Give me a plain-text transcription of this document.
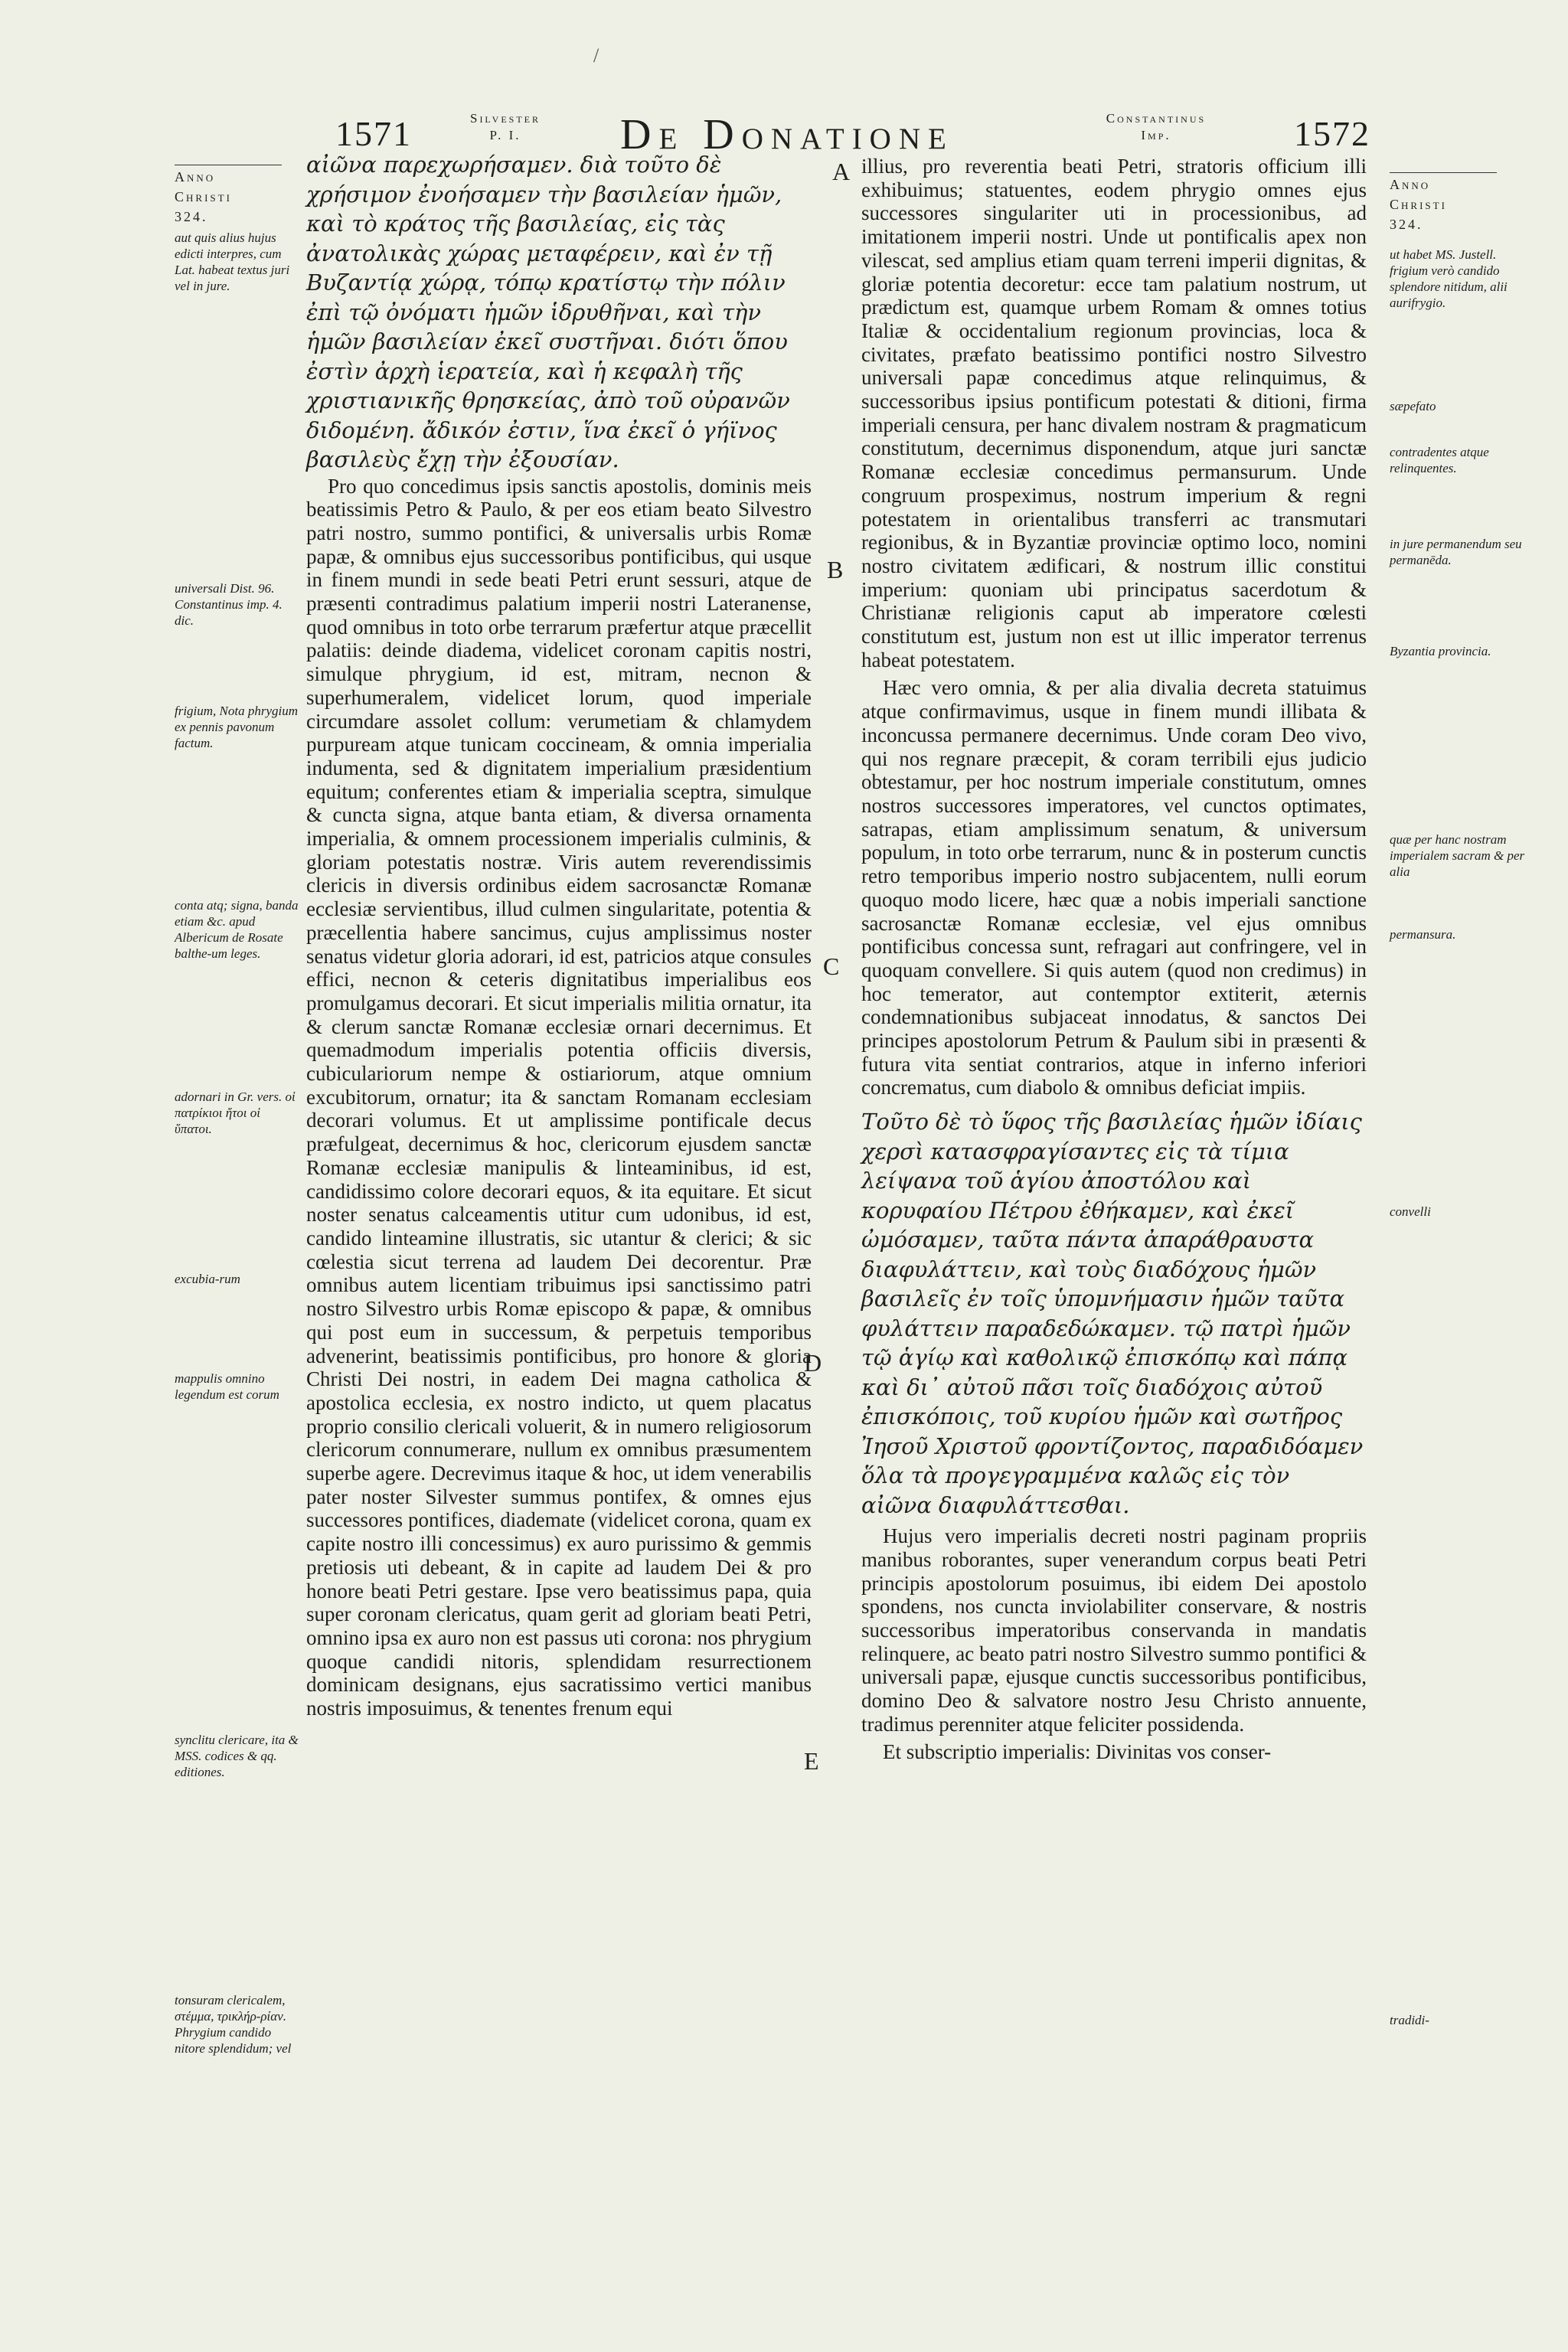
/
1571	Silvester
P. I.	De Donatione	Constantinus
Imp.	1572
Anno
Christi
324.
aut quis alius hujus edicti interpres, cum Lat. habeat textus juri vel in jure.
universali Dist. 96. Constantinus imp. 4. dic.
frigium, Nota phrygium ex pennis pavonum factum.
conta atq; signa, banda etiam &c. apud Albericum de Rosate balthe-um leges.
adornari in Gr. vers. οἱ πατρίκιοι ἤτοι οἱ ὕπατοι.
excubia-rum
mappulis omnino legendum est corum
synclitu clericare, ita & MSS. codices & qq. editiones.
tonsuram clericalem, στέμμα, τρικλήρ-ρίαν. Phrygium candido nitore splendidum; vel

αἰῶνα παρεχωρήσαμεν. διὰ τοῦτο δὲ χρήσιμον ἐνοήσαμεν τὴν βασιλείαν ἡμῶν, καὶ τὸ κράτος τῆς βασιλείας, εἰς τὰς ἀνατολικὰς χώρας μεταφέρειν, καὶ ἐν τῇ Βυζαντίᾳ χώρᾳ, τόπῳ κρατίστῳ τὴν πόλιν ἐπὶ τῷ ὀνόματι ἡμῶν ἱδρυθῆναι, καὶ τὴν ἡμῶν βασιλείαν ἐκεῖ συστῆναι. διότι ὅπου ἐστὶν ἀρχὴ ἱερατεία, καὶ ἡ κεφαλὴ τῆς χριστιανικῆς θρησκείας, ἀπὸ τοῦ οὐρανῶν διδομένη. ἄδικόν ἐστιν, ἵνα ἐκεῖ ὁ γήϊνος βασιλεὺς ἔχῃ τὴν ἐξουσίαν.

Pro quo concedimus ipsis sanctis apostolis, dominis meis beatissimis Petro & Paulo, & per eos etiam beato Silvestro patri nostro, summo pontifici, & universalis urbis Romæ papæ, & omnibus ejus successoribus pontificibus, qui usque in finem mundi in sede beati Petri erunt sessuri, atque de præsenti contradimus palatium imperii nostri Lateranense, quod omnibus in toto orbe terrarum præfertur atque præcellit palatiis: deinde diadema, videlicet coronam capitis nostri, simulque phrygium, id est, mitram, necnon & superhumeralem, videlicet lorum, quod imperiale circumdare assolet collum: verumetiam & chlamydem purpuream atque tunicam coccineam, & omnia imperialia indumenta, sed & dignitatem imperialium præsidentium equitum; conferentes etiam & imperialia sceptra, simulque & cuncta signa, atque banta etiam, & diversa ornamenta imperialia, & omnem processionem imperialis culminis, & gloriam potestatis nostræ. Viris autem reverendissimis clericis in diversis ordinibus eidem sacrosanctæ Romanæ ecclesiæ servientibus, illud culmen singularitate, potentia & præcellentia habere sancimus, cujus amplissimus noster senatus videtur gloria adorari, id est, patricios atque consules effici, necnon & ceteris dignitatibus imperialibus eos promulgamus decorari. Et sicut imperialis militia ornatur, ita & clerum sanctæ Romanæ ecclesiæ ornari decernimus. Et quemadmodum imperialis potentia officiis diversis, cubiculariorum nempe & ostiariorum, atque omnium excubitorum, ornatur; ita & sanctam Romanam ecclesiam decorari volumus. Et ut amplissime pontificale decus præfulgeat, decernimus & hoc, clericorum ejusdem sanctæ Romanæ ecclesiæ manipulis & linteaminibus, id est, candidissimo colore decorari equos, & ita equitare. Et sicut noster senatus calceamentis utitur cum udonibus, id est, candido linteamine illustratis, sic utantur & clerici; & sic cœlestia sicut terrena ad laudem Dei decorentur. Præ omnibus autem licentiam tribuimus ipsi sanctissimo patri nostro Silvestro urbis Romæ episcopo & papæ, & omnibus qui post eum in successum, & perpetuis temporibus advenerint, beatissimis pontificibus, pro honore & gloria Christi Dei nostri, in eadem Dei magna catholica & apostolica ecclesia, ex nostro indicto, ut quem placatus proprio consilio clericali voluerit, & in numero religiosorum clericorum connumerare, nullum ex omnibus præsumentem superbe agere. Decrevimus itaque & hoc, ut idem venerabilis pater noster Silvester summus pontifex, & omnes ejus successores pontifices, diademate (videlicet corona, quam ex capite nostro illi concessimus) ex auro purissimo & gemmis pretiosis uti debeant, & in capite ad laudem Dei & pro honore beati Petri gestare. Ipse vero beatissimus papa, quia super coronam clericatus, quam gerit ad gloriam beati Petri, omnino ipsa ex auro non est passus uti corona: nos phrygium quoque candidi nitoris, splendidam resurrectionem dominicam designans, ejus sacratissimo vertici manibus nostris imposuimus, & tenentes frenum equi

A
B
C
D
E

illius, pro reverentia beati Petri, stratoris officium illi exhibuimus; statuentes, eodem phrygio omnes ejus successores singulariter uti in processionibus, ad imitationem imperii nostri. Unde ut pontificalis apex non vilescat, sed amplius etiam quam terreni imperii dignitas, & gloriæ potentia decoretur: ecce tam palatium nostrum, ut prædictum est, quamque urbem Romam & omnes totius Italiæ & occidentalium regionum provincias, loca & civitates, præfato beatissimo pontifici nostro Silvestro universali papæ concedimus atque relinquimus, & successoribus ipsius pontificum potestati & ditioni, firma imperiali censura, per hanc divalem nostram & pragmaticum constitutum, decernimus disponendum, atque juri sanctæ Romanæ ecclesiæ concedimus permansurum. Unde congruum prospeximus, nostrum imperium & regni potestatem in orientalibus transferri ac transmutari regionibus, & in Byzantiæ provinciæ optimo loco, nomini nostro civitatem ædificari, & nostrum illic constitui imperium: quoniam ubi principatus sacerdotum & Christianæ religionis caput ab imperatore cœlesti constitutum est, justum non est ut illic imperator terrenus habeat potestatem.

Hæc vero omnia, & per alia divalia decreta statuimus atque confirmavimus, usque in finem mundi illibata & inconcussa permanere decernimus. Unde coram Deo vivo, qui nos regnare præcepit, & coram terribili ejus judicio obtestamur, per hoc nostrum imperiale constitutum, omnes nostros successores imperatores, vel cunctos optimates, satrapas, etiam amplissimum senatum, & universum populum, in toto orbe terrarum, nunc & in posterum cunctis retro temporibus imperio nostro subjacentem, nulli eorum quoquo modo licere, hæc quæ a nobis imperiali sanctione sacrosanctæ Romanæ ecclesiæ, vel ejus omnibus pontificibus concessa sunt, refragari aut confringere, vel in quoquam convellere. Si quis autem (quod non credimus) in hoc temerator, aut contemptor extiterit, æternis condemnationibus subjaceat innodatus, & sanctos Dei principes apostolorum Petrum & Paulum sibi in præsenti & futura vita sentiat contrarios, atque in inferno inferiori concrematus, cum diabolo & omnibus deficiat impiis.

Τοῦτο δὲ τὸ ὕφος τῆς βασιλείας ἡμῶν ἰδίαις χερσὶ κατασφραγίσαντες εἰς τὰ τίμια λείψανα τοῦ ἁγίου ἀποστόλου καὶ κορυφαίου Πέτρου ἐθήκαμεν, καὶ ἐκεῖ ὠμόσαμεν, ταῦτα πάντα ἀπαράθραυστα διαφυλάττειν, καὶ τοὺς διαδόχους ἡμῶν βασιλεῖς ἐν τοῖς ὑπομνήμασιν ἡμῶν ταῦτα φυλάττειν παραδεδώκαμεν. τῷ πατρὶ ἡμῶν τῷ ἁγίῳ καὶ καθολικῷ ἐπισκόπῳ καὶ πάπᾳ καὶ δι᾽ αὐτοῦ πᾶσι τοῖς διαδόχοις αὐτοῦ ἐπισκόποις, τοῦ κυρίου ἡμῶν καὶ σωτῆρος Ἰησοῦ Χριστοῦ φροντίζοντος, παραδιδόαμεν ὅλα τὰ προγεγραμμένα καλῶς εἰς τὸν αἰῶνα διαφυλάττεσθαι.

Hujus vero imperialis decreti nostri paginam propriis manibus roborantes, super venerandum corpus beati Petri principis apostolorum posuimus, ibi eidem Dei apostolo spondens, nos cuncta inviolabiliter conservare, & nostris successoribus imperatoribus conservanda in mandatis relinquere, ac beato patri nostro Silvestro summo pontifici & universali papæ, ejusque cunctis successoribus pontificibus, domino Deo & salvatore nostro Jesu Christo annuente, tradimus perenniter atque feliciter possidenda.

Et subscriptio imperialis: Divinitas vos conser-

Anno
Christi
324.
ut habet MS. Justell. frigium verò candido splendore nitidum, alii aurifrygio.
sæpefato
contradentes atque relinquentes.
in jure permanendum seu permanēda.
Byzantia provincia.
quæ per hanc nostram imperialem sacram & per alia
permansura.
convelli
tradidi-
